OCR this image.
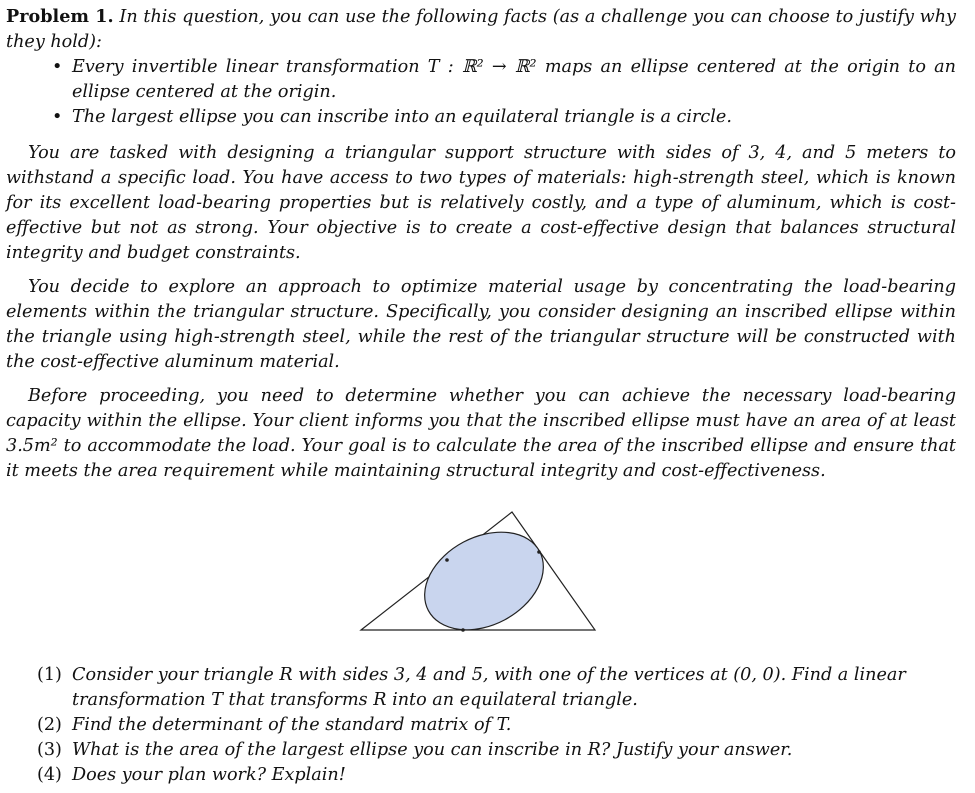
Problem 1. In this question, you can use the following facts (as a challenge you can choose to justify why they hold):

• Every invertible linear transformation T : ℝ² → ℝ² maps an ellipse centered at the origin to an ellipse centered at the origin.
• The largest ellipse you can inscribe into an equilateral triangle is a circle.

You are tasked with designing a triangular support structure with sides of 3, 4, and 5 meters to withstand a specific load. You have access to two types of materials: high-strength steel, which is known for its excellent load-bearing properties but is relatively costly, and a type of aluminum, which is cost-effective but not as strong. Your objective is to create a cost-effective design that balances structural integrity and budget constraints.

You decide to explore an approach to optimize material usage by concentrating the load-bearing elements within the triangular structure. Specifically, you consider designing an inscribed ellipse within the triangle using high-strength steel, while the rest of the triangular structure will be constructed with the cost-effective aluminum material.

Before proceeding, you need to determine whether you can achieve the necessary load-bearing capacity within the ellipse. Your client informs you that the inscribed ellipse must have an area of at least 3.5m² to accommodate the load. Your goal is to calculate the area of the inscribed ellipse and ensure that it meets the area requirement while maintaining structural integrity and cost-effectiveness.

(1) Consider your triangle R with sides 3, 4 and 5, with one of the vertices at (0, 0). Find a linear transformation T that transforms R into an equilateral triangle.
(2) Find the determinant of the standard matrix of T.
(3) What is the area of the largest ellipse you can inscribe in R? Justify your answer.
(4) Does your plan work? Explain!
